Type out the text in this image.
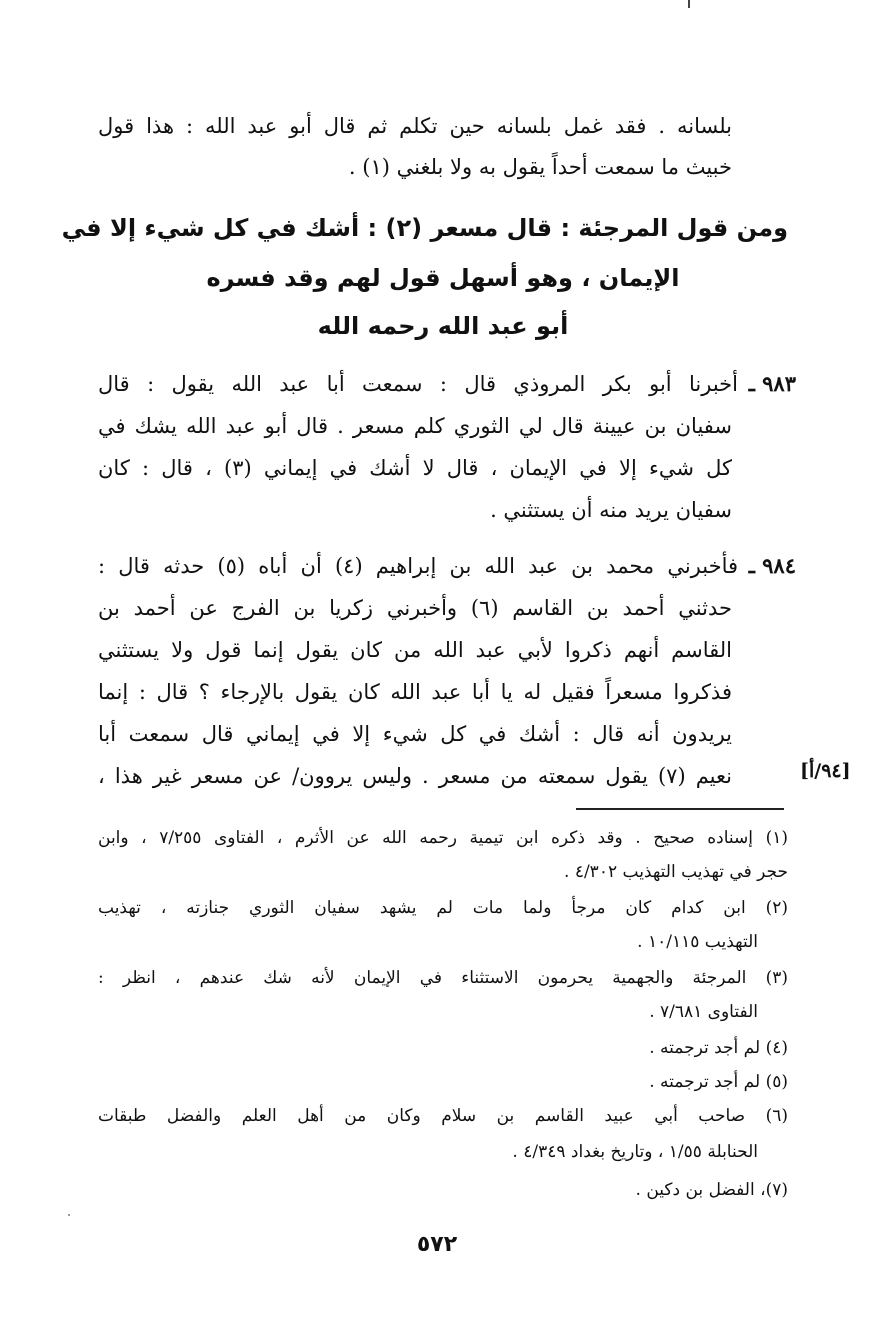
بلسانه . فقد غمل بلسانه حين تكلم ثم قال أبو عبد الله : هذا قول
خبيث ما سمعت أحداً يقول به ولا بلغني (١) .
ومن قول المرجئة : قال مسعر (٢) : أشك في كل شيء إلا في
الإيمان ، وهو أسهل قول لهم وقد فسره
أبو عبد الله رحمه الله
٩٨٣ ـ
أخبرنا أبو بكر المروذي قال : سمعت أبا عبد الله يقول : قال
سفيان بن عيينة قال لي الثوري كلم مسعر . قال أبو عبد الله يشك في
كل شيء إلا في الإيمان ، قال لا أشك في إيماني (٣) ، قال : كان
سفيان يريد منه أن يستثني .
٩٨٤ ـ
فأخبرني محمد بن عبد الله بن إبراهيم (٤) أن أباه (٥) حدثه قال :
حدثني أحمد بن القاسم (٦) وأخبرني زكريا بن الفرج عن أحمد بن
القاسم أنهم ذكروا لأبي عبد الله من كان يقول إنما قول ولا يستثني
فذكروا مسعراً فقيل له يا أبا عبد الله كان يقول بالإرجاء ؟ قال : إنما
يريدون أنه قال : أشك في كل شيء إلا في إيماني قال سمعت أبا
نعيم (٧) يقول سمعته من مسعر . وليس يروون/ عن مسعر غير هذا ،	[٩٤/أ]
(١) إسناده صحيح . وقد ذكره ابن تيمية رحمه الله عن الأثرم ، الفتاوى ٧/٢٥٥ ، وابن
حجر في تهذيب التهذيب ٤/٣٠٢ .
(٢) ابن كدام كان مرجأ ولما مات لم يشهد سفيان الثوري جنازته ، تهذيب
التهذيب ١٠/١١٥ .
(٣) المرجئة والجهمية يحرمون الاستثناء في الإيمان لأنه شك عندهم ، انظر :
الفتاوى ٧/٦٨١ .
(٤) لم أجد ترجمته .
(٥) لم أجد ترجمته .
(٦) صاحب أبي عبيد القاسم بن سلام وكان من أهل العلم والفضل طبقات
الحنابلة ١/٥٥ ، وتاريخ بغداد ٤/٣٤٩ .
(٧)، الفضل بن دكين .
٥٧٢
